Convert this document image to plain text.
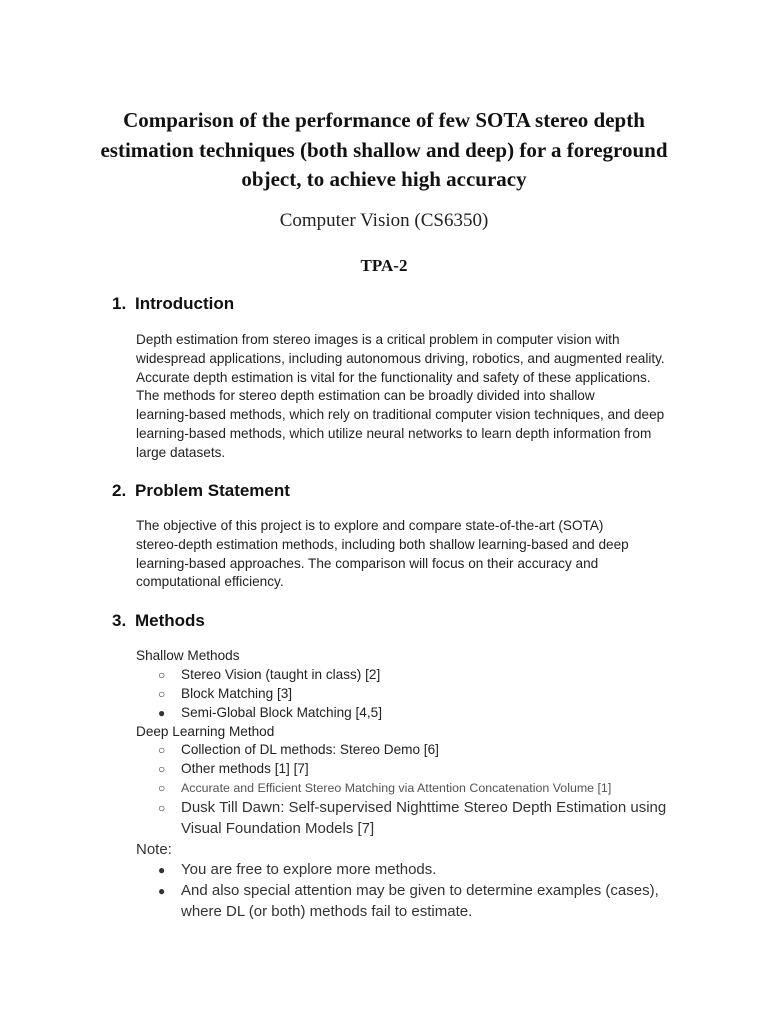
Comparison of the performance of few SOTA stereo depth
estimation techniques (both shallow and deep) for a foreground
object, to achieve high accuracy
Computer Vision (CS6350)
TPA-2
1. Introduction
Depth estimation from stereo images is a critical problem in computer vision with
widespread applications, including autonomous driving, robotics, and augmented reality.
Accurate depth estimation is vital for the functionality and safety of these applications.
The methods for stereo depth estimation can be broadly divided into shallow
learning-based methods, which rely on traditional computer vision techniques, and deep
learning-based methods, which utilize neural networks to learn depth information from
large datasets.
2. Problem Statement
The objective of this project is to explore and compare state-of-the-art (SOTA)
stereo-depth estimation methods, including both shallow learning-based and deep
learning-based approaches. The comparison will focus on their accuracy and
computational efficiency.
3. Methods
Shallow Methods
○ Stereo Vision (taught in class) [2]
○ Block Matching [3]
● Semi-Global Block Matching [4,5]
Deep Learning Method
○ Collection of DL methods: Stereo Demo [6]
○ Other methods [1] [7]
○ Accurate and Efficient Stereo Matching via Attention Concatenation Volume [1]
○ Dusk Till Dawn: Self-supervised Nighttime Stereo Depth Estimation using
Visual Foundation Models [7]
Note:
● You are free to explore more methods.
● And also special attention may be given to determine examples (cases),
where DL (or both) methods fail to estimate.
